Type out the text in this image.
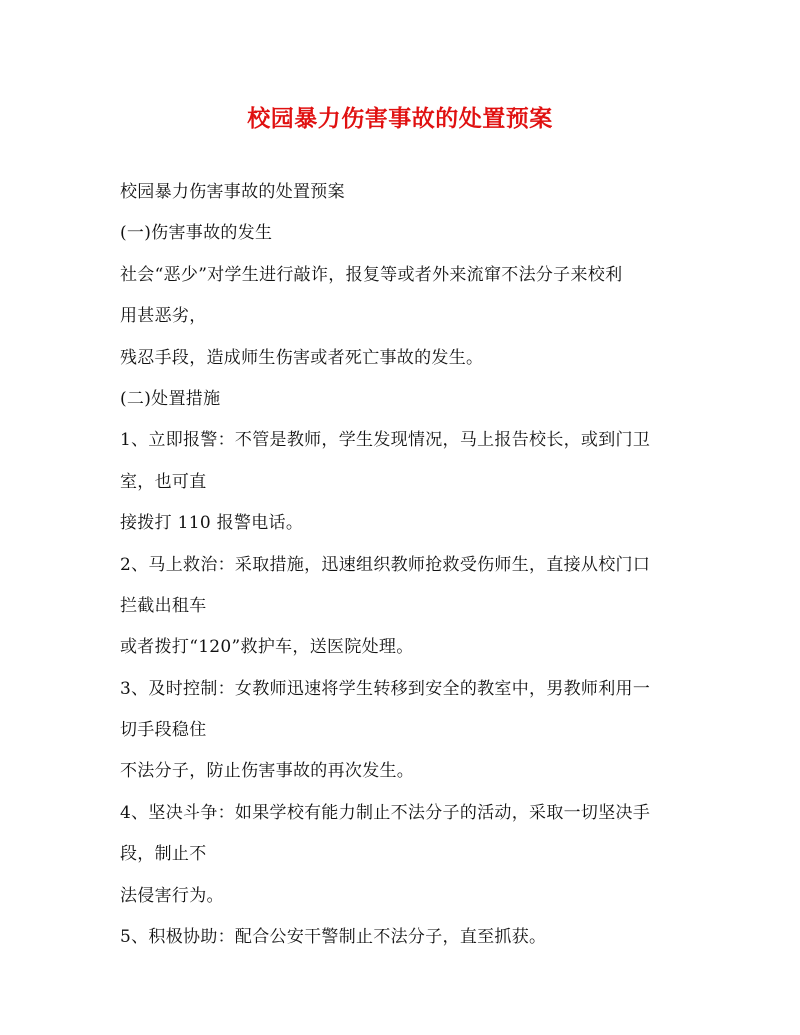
校园暴力伤害事故的处置预案
校园暴力伤害事故的处置预案
(一)伤害事故的发生
社会“恶少”对学生进行敲诈，报复等或者外来流窜不法分子来校利
用甚恶劣，
残忍手段，造成师生伤害或者死亡事故的发生。
(二)处置措施
1、立即报警：不管是教师，学生发现情况，马上报告校长，或到门卫
室，也可直
接拨打 110 报警电话。
2、马上救治：采取措施，迅速组织教师抢救受伤师生，直接从校门口
拦截出租车
或者拨打“120”救护车，送医院处理。
3、及时控制：女教师迅速将学生转移到安全的教室中，男教师利用一
切手段稳住
不法分子，防止伤害事故的再次发生。
4、坚决斗争：如果学校有能力制止不法分子的活动，采取一切坚决手
段，制止不
法侵害行为。
5、积极协助：配合公安干警制止不法分子，直至抓获。
